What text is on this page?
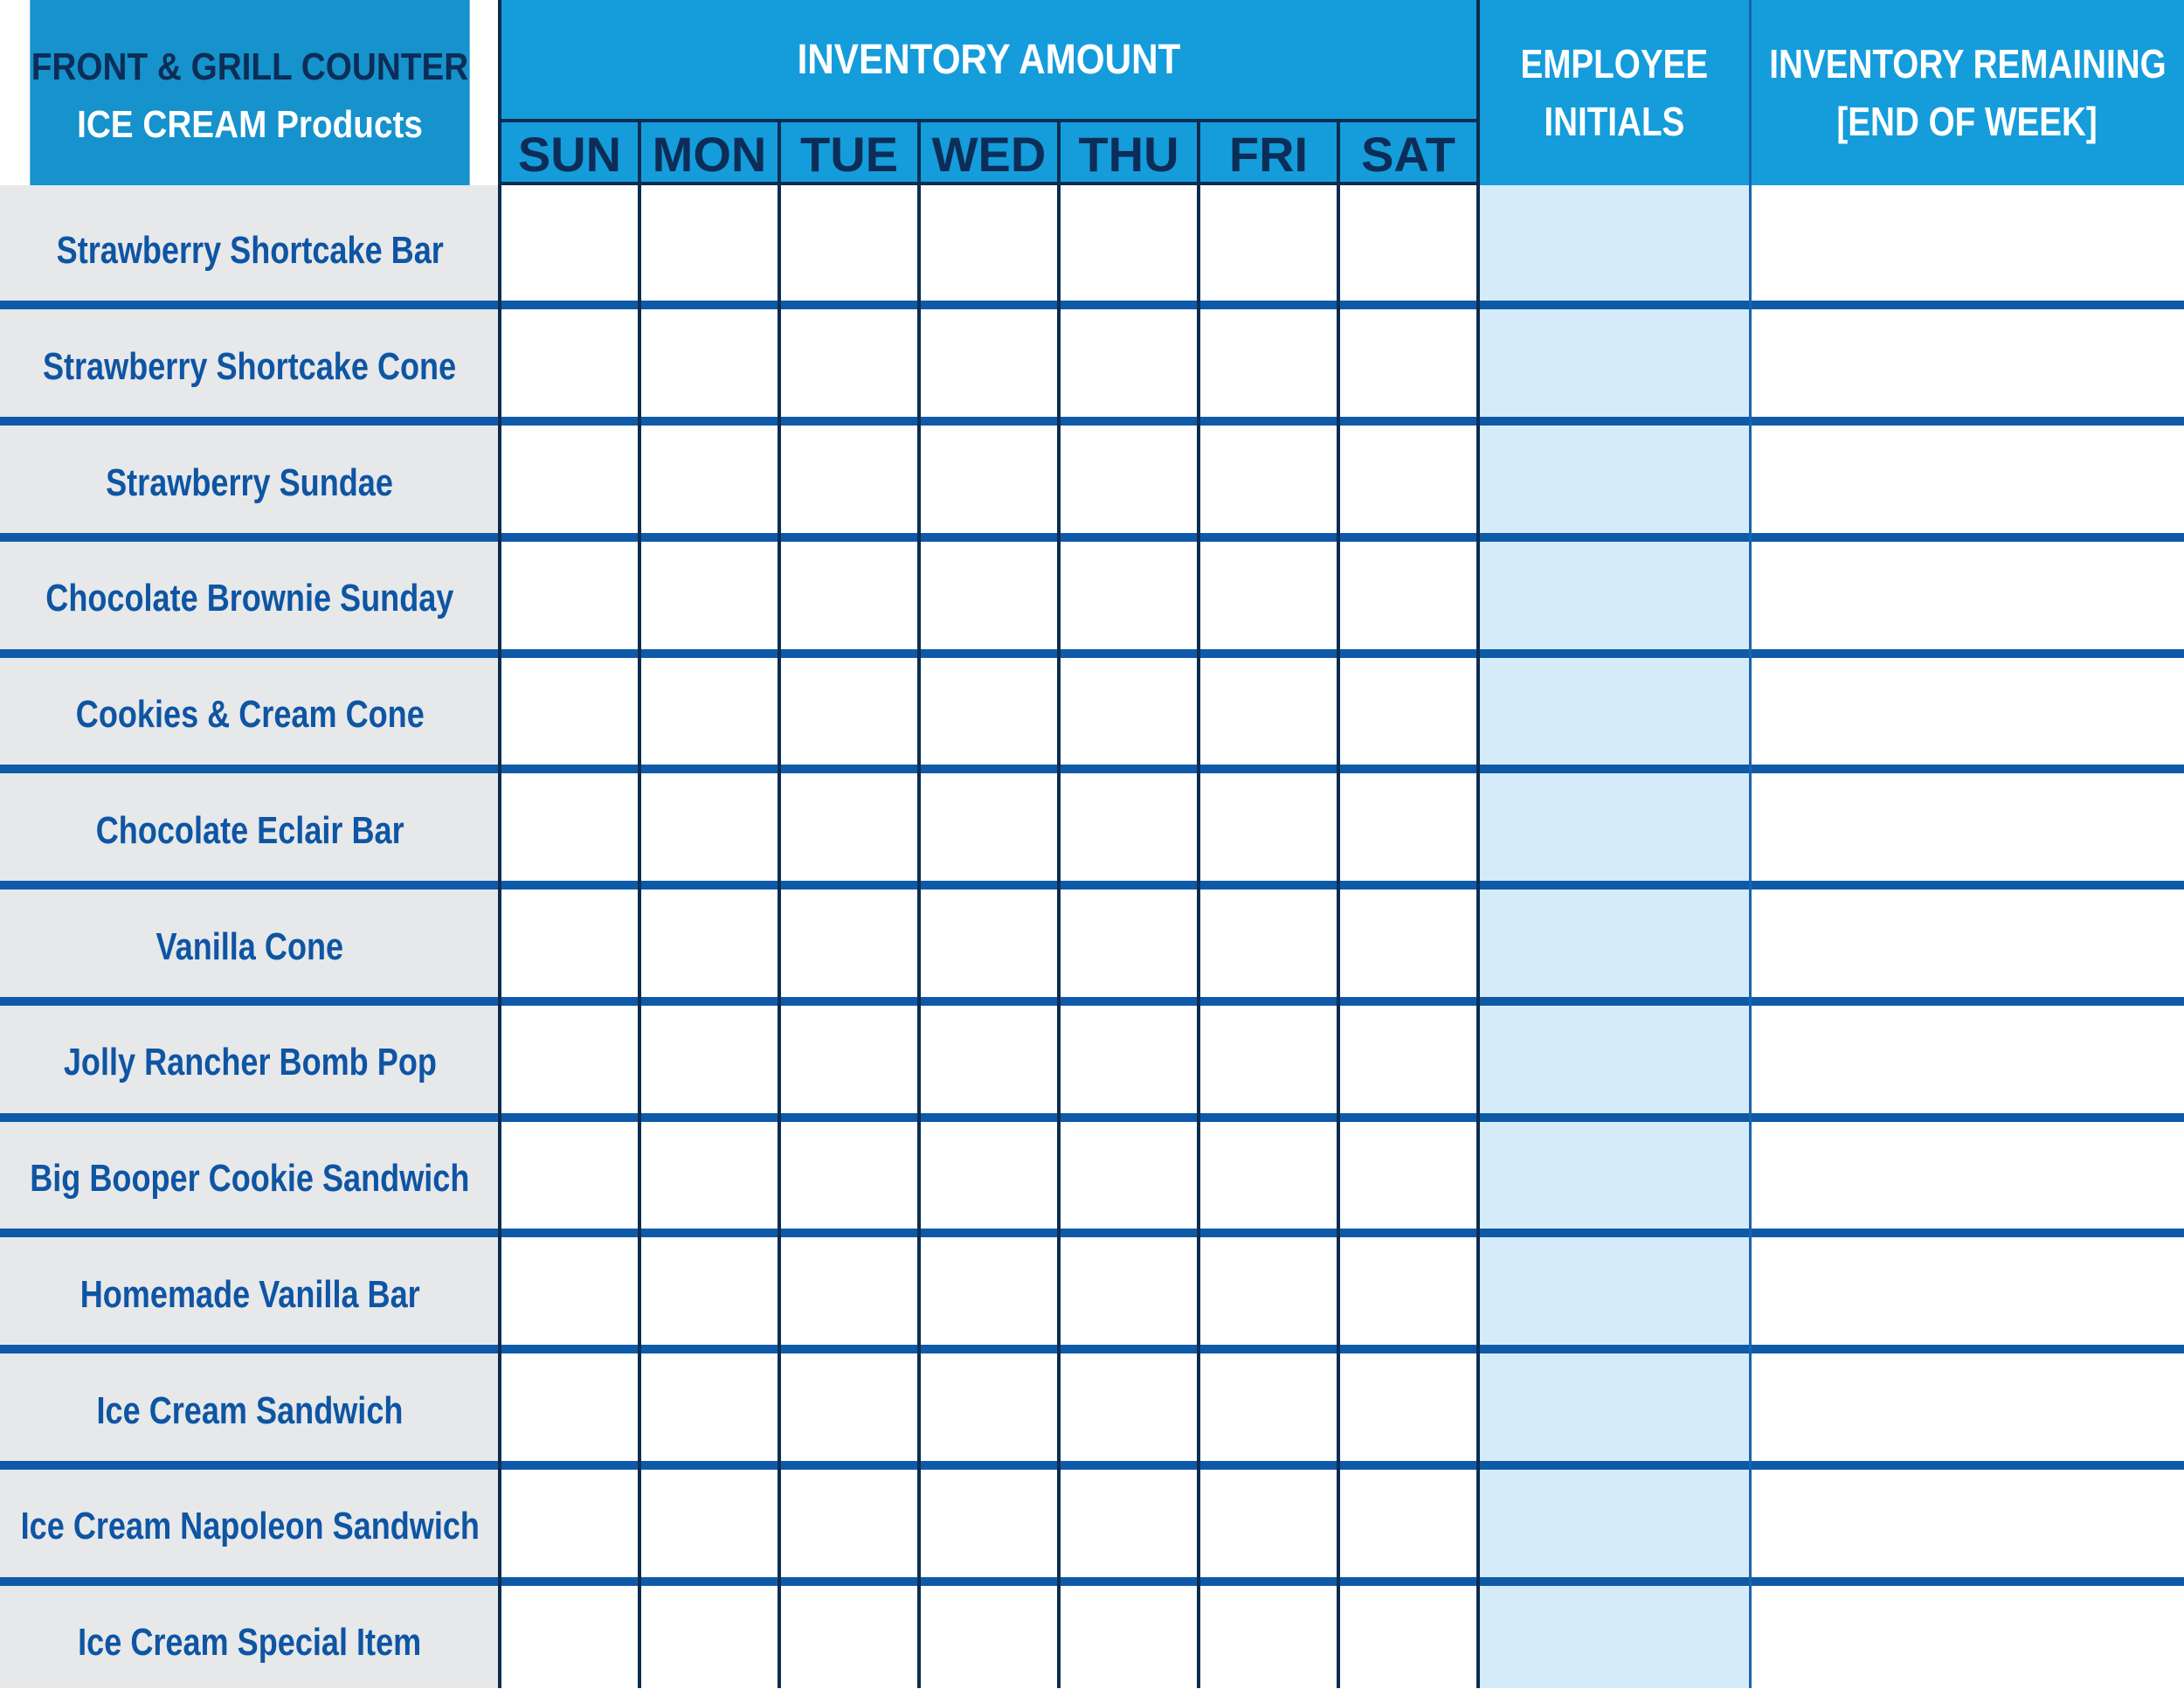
FRONT & GRILL COUNTER
ICE CREAM Products
INVENTORY AMOUNT
SUN MON TUE WED THU	FRI	SAT
EMPLOYEE
INITIALS
INVENTORY REMAINING
[END OF WEEK]
Strawberry Shortcake Bar
Strawberry Shortcake Cone
Strawberry Sundae
Chocolate Brownie Sunday
Cookies & Cream Cone
Chocolate Eclair Bar
Vanilla Cone
Jolly Rancher Bomb Pop
Big Booper Cookie Sandwich
Homemade Vanilla Bar
Ice Cream Sandwich
Ice Cream Napoleon Sandwich
Ice Cream Special Item
